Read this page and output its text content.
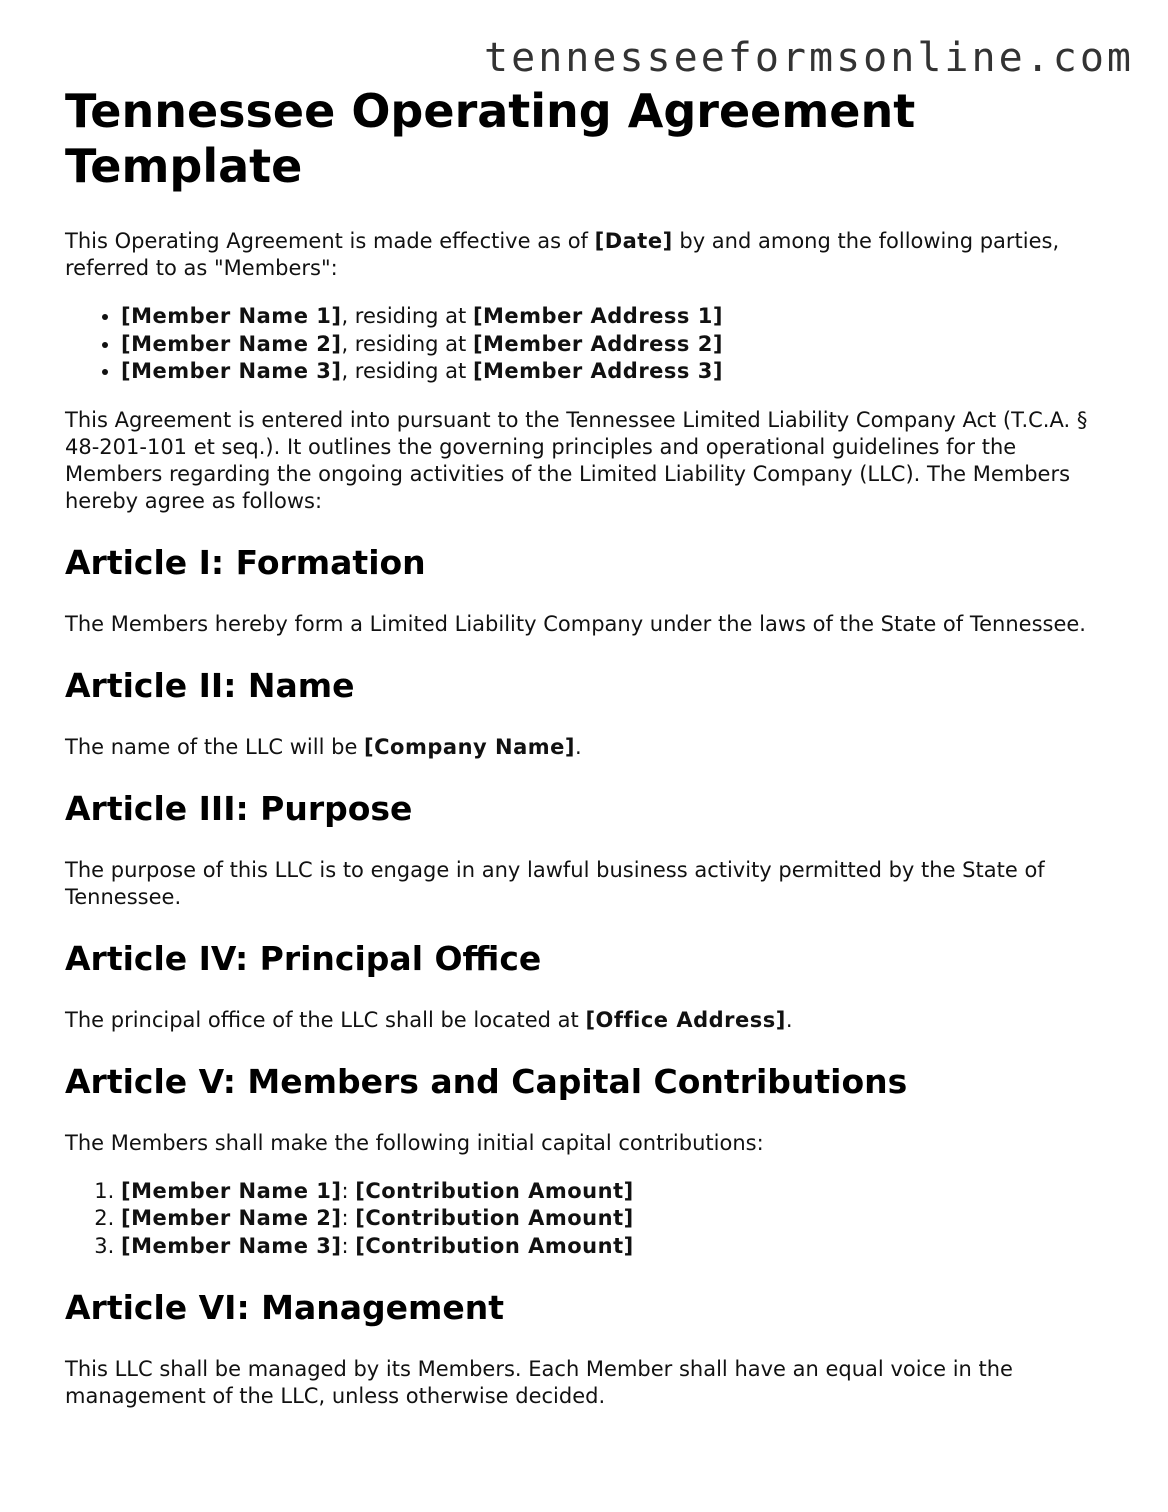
tennesseeformsonline.com
Tennessee Operating Agreement Template

This Operating Agreement is made effective as of [Date] by and among the following parties, referred to as "Members":

• [Member Name 1], residing at [Member Address 1]
• [Member Name 2], residing at [Member Address 2]
• [Member Name 3], residing at [Member Address 3]

This Agreement is entered into pursuant to the Tennessee Limited Liability Company Act (T.C.A. § 48-201-101 et seq.). It outlines the governing principles and operational guidelines for the Members regarding the ongoing activities of the Limited Liability Company (LLC). The Members hereby agree as follows:

Article I: Formation

The Members hereby form a Limited Liability Company under the laws of the State of Tennessee.

Article II: Name

The name of the LLC will be [Company Name].

Article III: Purpose

The purpose of this LLC is to engage in any lawful business activity permitted by the State of Tennessee.

Article IV: Principal Office

The principal office of the LLC shall be located at [Office Address].

Article V: Members and Capital Contributions

The Members shall make the following initial capital contributions:

1. [Member Name 1]: [Contribution Amount]
2. [Member Name 2]: [Contribution Amount]
3. [Member Name 3]: [Contribution Amount]
Article VI: Management

This LLC shall be managed by its Members. Each Member shall have an equal voice in the management of the LLC, unless otherwise decided.
